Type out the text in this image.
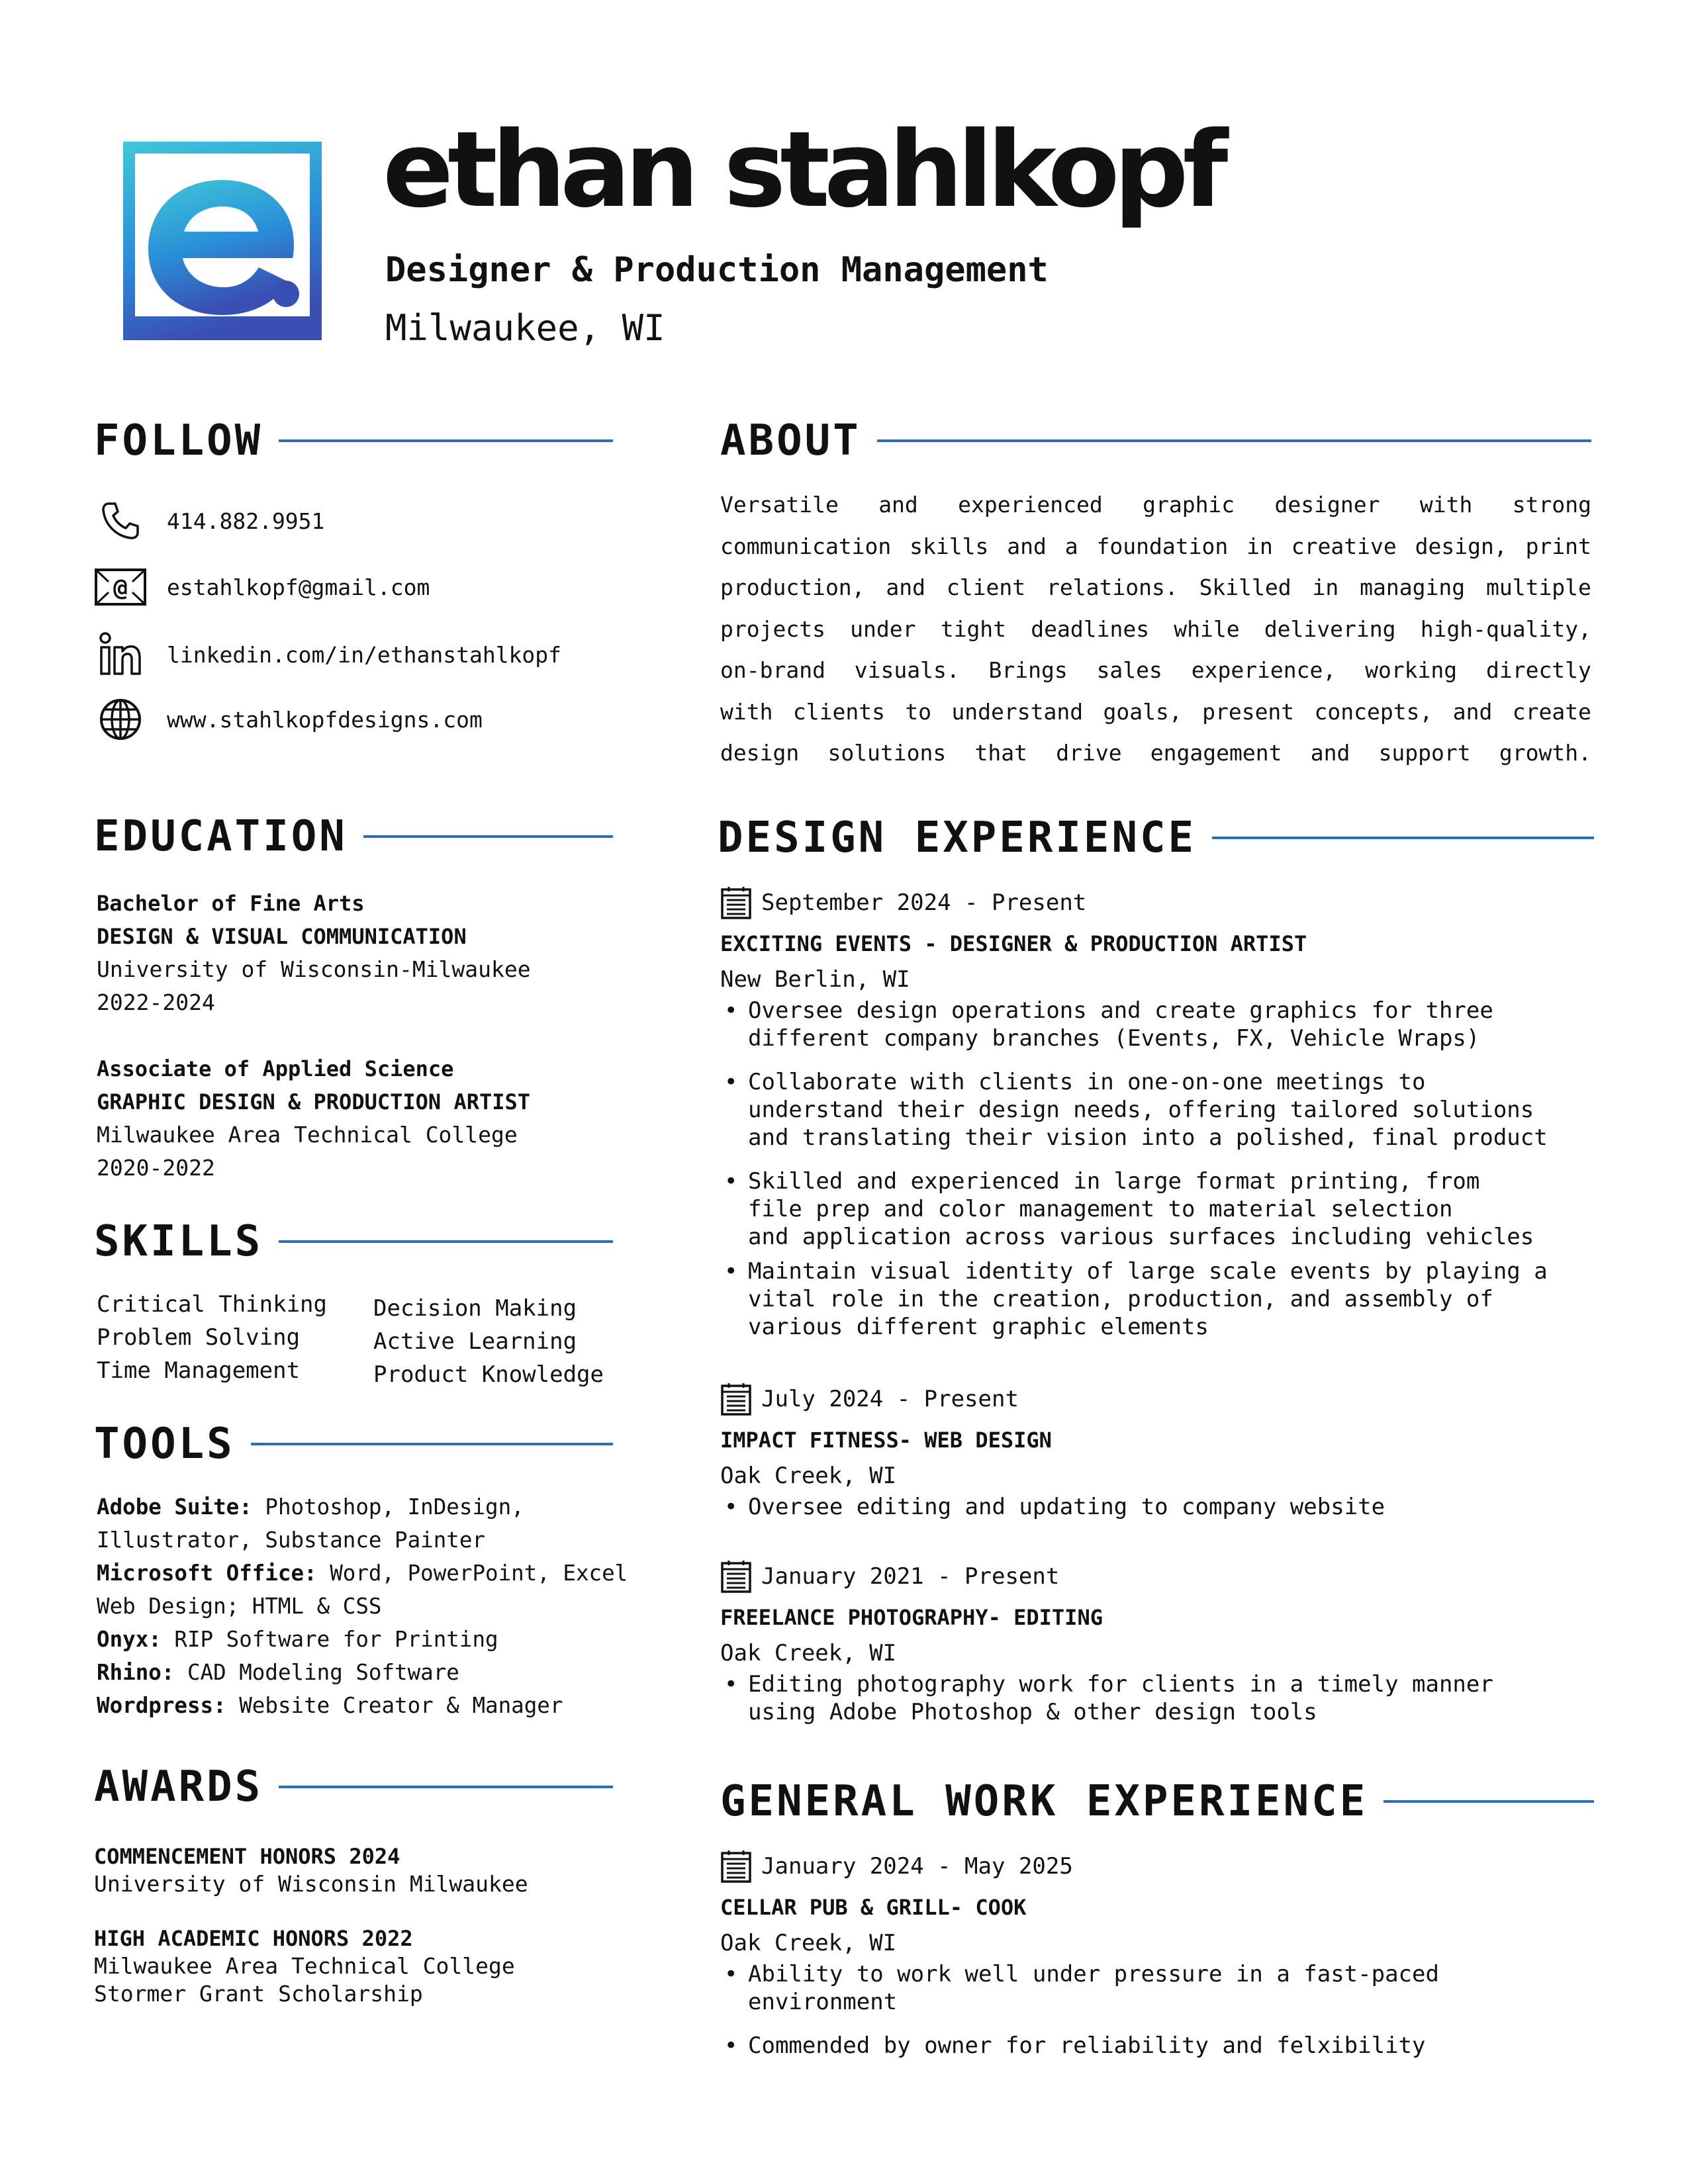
ethan stahlkopf
Designer & Production Management
Milwaukee, WI
FOLLOW
414.882.9951
@ estahlkopf@gmail.com
linkedin.com/in/ethanstahlkopf
www.stahlkopfdesigns.com
ABOUT
Versatile and experienced graphic designer with strong
communication skills and a foundation in creative design, print
production, and client relations. Skilled in managing multiple
projects under tight deadlines while delivering high-quality,
on-brand visuals. Brings sales experience, working directly
with clients to understand goals, present concepts, and create
design solutions that drive engagement and support growth.
EDUCATION
Bachelor of Fine Arts
DESIGN & VISUAL COMMUNICATION
University of Wisconsin-Milwaukee
2022-2024
Associate of Applied Science
GRAPHIC DESIGN & PRODUCTION ARTIST
Milwaukee Area Technical College
2020-2022
SKILLS
Critical Thinking
Problem Solving
Time Management
Decision Making
Active Learning
Product Knowledge
TOOLS
Adobe Suite: Photoshop, InDesign,
Illustrator, Substance Painter
Microsoft Office: Word, PowerPoint, Excel
Web Design; HTML & CSS
Onyx: RIP Software for Printing
Rhino: CAD Modeling Software
Wordpress: Website Creator & Manager
AWARDS
COMMENCEMENT HONORS 2024
University of Wisconsin Milwaukee
HIGH ACADEMIC HONORS 2022
Milwaukee Area Technical College
Stormer Grant Scholarship
DESIGN EXPERIENCE
September 2024 - Present
EXCITING EVENTS - DESIGNER & PRODUCTION ARTIST
New Berlin, WI
• Oversee design operations and create graphics for three
different company branches (Events, FX, Vehicle Wraps)
• Collaborate with clients in one-on-one meetings to
understand their design needs, offering tailored solutions
and translating their vision into a polished, final product
• Skilled and experienced in large format printing, from
file prep and color management to material selection
and application across various surfaces including vehicles
• Maintain visual identity of large scale events by playing a
vital role in the creation, production, and assembly of
various different graphic elements
July 2024 - Present
IMPACT FITNESS- WEB DESIGN
Oak Creek, WI
• Oversee editing and updating to company website
January 2021 - Present
FREELANCE PHOTOGRAPHY- EDITING
Oak Creek, WI
• Editing photography work for clients in a timely manner
using Adobe Photoshop & other design tools
GENERAL WORK EXPERIENCE
January 2024 - May 2025
CELLAR PUB & GRILL- COOK
Oak Creek, WI
• Ability to work well under pressure in a fast-paced
environment
• Commended by owner for reliability and felxibility
